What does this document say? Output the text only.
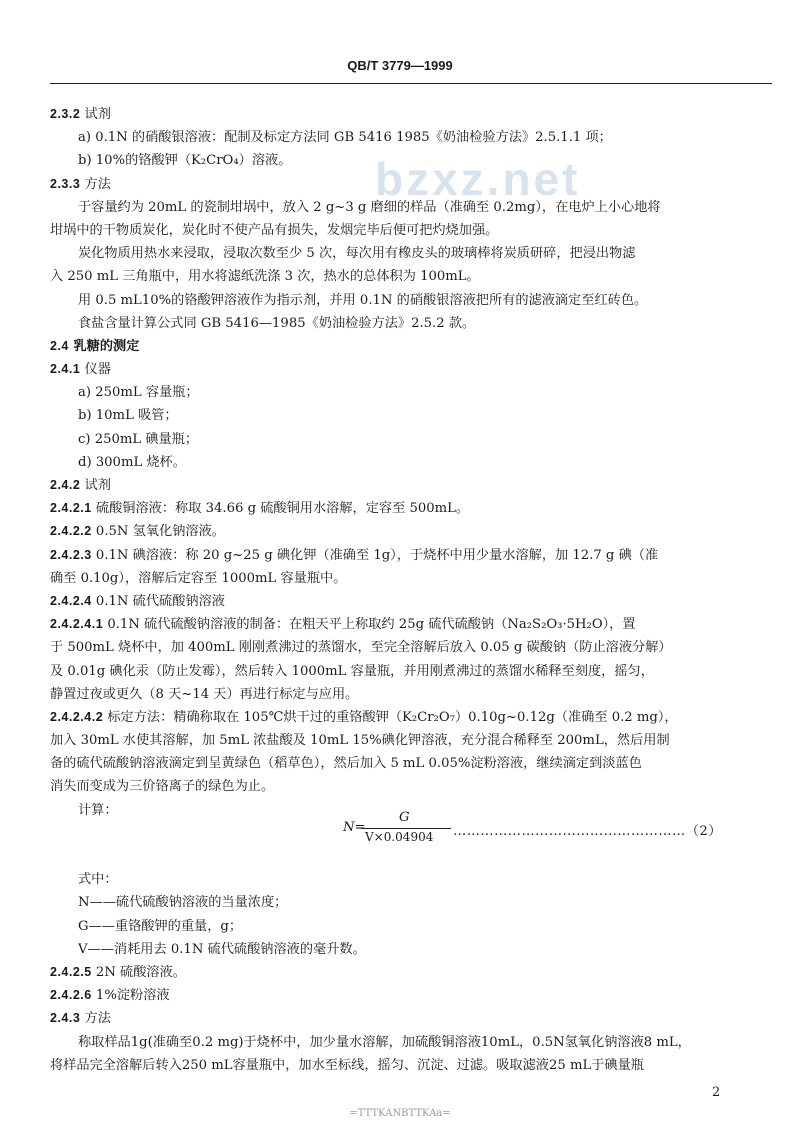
QB/T 3779—1999
bzxz.net
2.3.2 试剂
a) 0.1N 的硝酸银溶液：配制及标定方法同 GB 5416 1985《奶油检验方法》2.5.1.1 项；
b) 10%的铬酸钾（K₂CrO₄）溶液。
2.3.3 方法
于容量约为 20mL 的瓷制坩埚中，放入 2 g~3 g 磨细的样品（准确至 0.2mg），在电炉上小心地将
坩埚中的干物质炭化，炭化时不使产品有损失，发烟完毕后便可把灼烧加强。
炭化物质用热水来浸取，浸取次数至少 5 次，每次用有橡皮头的玻璃棒将炭质研碎，把浸出物滤
入 250 mL 三角瓶中，用水将滤纸洗涤 3 次，热水的总体积为 100mL。
用 0.5 mL10%的铬酸钾溶液作为指示剂，并用 0.1N 的硝酸银溶液把所有的滤液滴定至红砖色。
食盐含量计算公式同 GB 5416—1985《奶油检验方法》2.5.2 款。
2.4 乳糖的测定
2.4.1 仪器
a) 250mL 容量瓶；
b) 10mL 吸管；
c) 250mL 碘量瓶；
d) 300mL 烧杯。
2.4.2 试剂
2.4.2.1 硫酸铜溶液：称取 34.66 g 硫酸铜用水溶解，定容至 500mL。
2.4.2.2 0.5N 氢氧化钠溶液。
2.4.2.3 0.1N 碘溶液：称 20 g~25 g 碘化钾（准确至 1g），于烧杯中用少量水溶解，加 12.7 g 碘（准
确至 0.10g），溶解后定容至 1000mL 容量瓶中。
2.4.2.4 0.1N 硫代硫酸钠溶液
2.4.2.4.1 0.1N 硫代硫酸钠溶液的制备：在粗天平上称取约 25g 硫代硫酸钠（Na₂S₂O₃·5H₂O），置
于 500mL 烧杯中，加 400mL 刚刚煮沸过的蒸馏水，至完全溶解后放入 0.05 g 碳酸钠（防止溶液分解）
及 0.01g 碘化汞（防止发霉），然后转入 1000mL 容量瓶，并用刚煮沸过的蒸馏水稀释至刻度，摇匀，
静置过夜或更久（8 天~14 天）再进行标定与应用。
2.4.2.4.2 标定方法：精确称取在 105℃烘干过的重铬酸钾（K₂Cr₂O₇）0.10g~0.12g（准确至 0.2 mg），
加入 30mL 水使其溶解，加 5mL 浓盐酸及 10mL 15%碘化钾溶液，充分混合稀释至 200mL，然后用制
备的硫代硫酸钠溶液滴定到呈黄绿色（稻草色），然后加入 5 mL 0.05%淀粉溶液，继续滴定到淡蓝色
消失而变成为三价铬离子的绿色为止。
计算：
式中：
N——硫代硫酸钠溶液的当量浓度；
G——重铬酸钾的重量，g；
V——消耗用去 0.1N 硫代硫酸钠溶液的毫升数。
2.4.2.5 2N 硫酸溶液。
2.4.2.6 1%淀粉溶液
2.4.3 方法
称取样品1g(准确至0.2 mg)于烧杯中，加少量水溶解，加硫酸铜溶液10mL，0.5N氢氧化钠溶液8 mL，
将样品完全溶解后转入250 mL容量瓶中，加水至标线，摇匀、沉淀、过滤。吸取滤液25 mL于碘量瓶
N=
G
V×0.04904 ……………………………………………（2）
2
=TTTKANBTTKAa=
